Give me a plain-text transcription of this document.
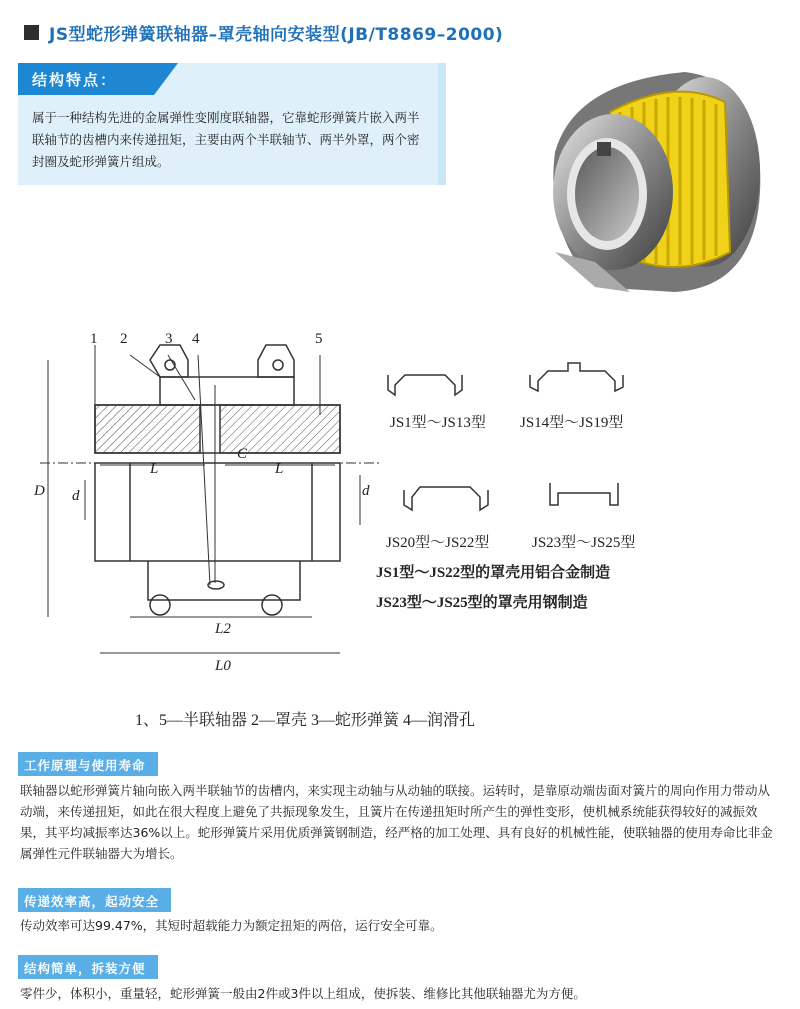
JS型蛇形弹簧联轴器–罩壳轴向安装型(JB/T8869–2000)
结构特点：
属于一种结构先进的金属弹性变刚度联轴器，它靠蛇形弹簧片嵌入两半联轴节的齿槽内来传递扭矩，主要由两个半联轴节、两半外罩，两个密封圈及蛇形弹簧片组成。
1 2	3 4	5
L	L
C
D d	d
L2
L0
JS1型～JS13型 JS14型～JS19型
JS20型～JS22型	JS23型～JS25型
JS1型～JS22型的罩壳用铝合金制造
JS23型～JS25型的罩壳用钢制造
1、5—半联轴器 2—罩壳 3—蛇形弹簧 4—润滑孔
工作原理与使用寿命
联轴器以蛇形弹簧片轴向嵌入两半联轴节的齿槽内，来实现主动轴与从动轴的联接。运转时，是靠原动端齿面对簧片的周向作用力带动从动端，来传递扭矩，如此在很大程度上避免了共振现象发生，且簧片在传递扭矩时所产生的弹性变形，使机械系统能获得较好的减振效果，其平均减振率达36%以上。蛇形弹簧片采用优质弹簧钢制造，经严格的加工处理、具有良好的机械性能，使联轴器的使用寿命比非金属弹性元件联轴器大为增长。
传递效率高，起动安全
传动效率可达99.47%，其短时超载能力为额定扭矩的两倍，运行安全可靠。
结构简单，拆装方便
零件少，体积小，重量轻，蛇形弹簧一般由2件或3件以上组成，使拆装、维修比其他联轴器尤为方便。
